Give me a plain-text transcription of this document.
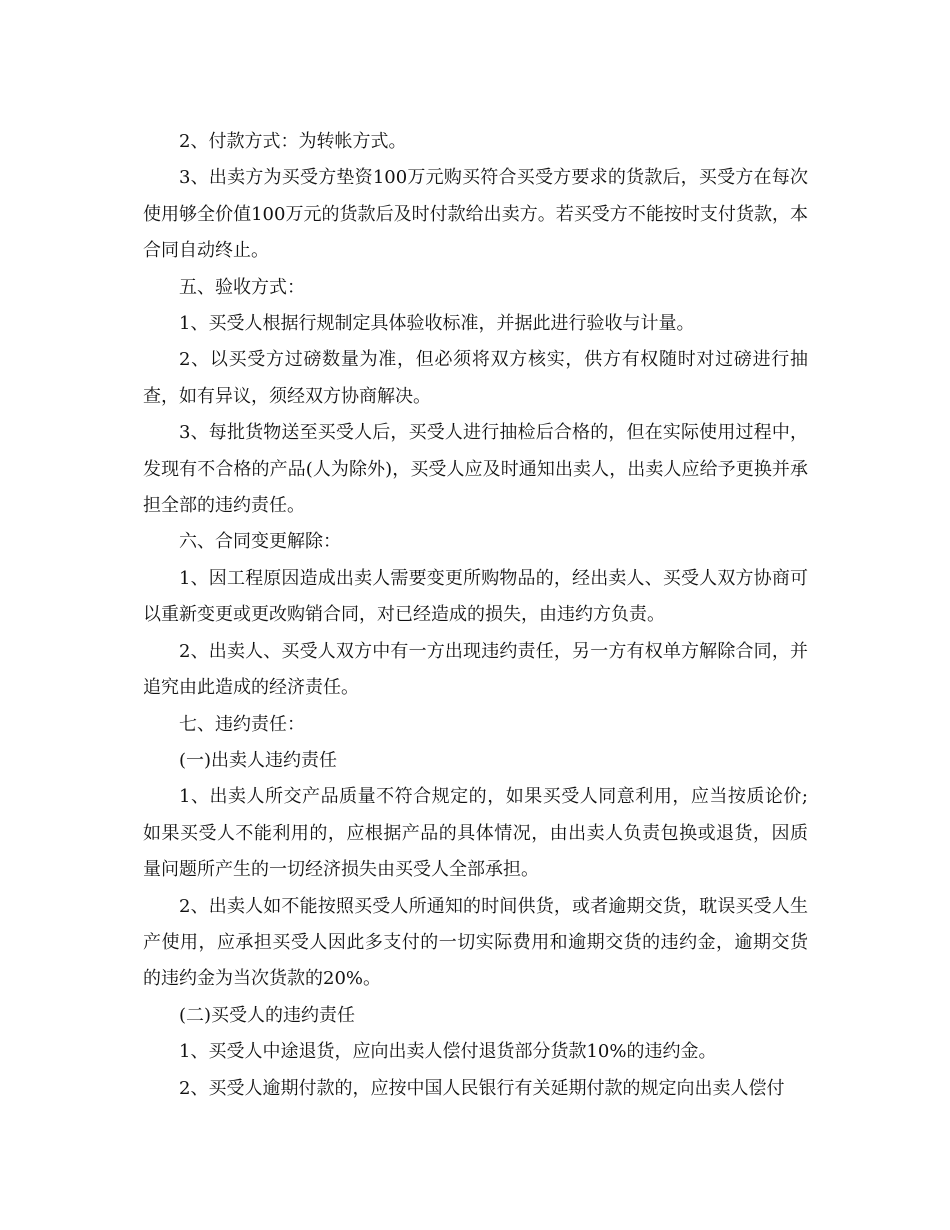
2、付款方式：为转帐方式。

3、出卖方为买受方垫资100万元购买符合买受方要求的货款后，买受方在每次使用够全价值100万元的货款后及时付款给出卖方。若买受方不能按时支付货款，本合同自动终止。

五、验收方式：

1、买受人根据行规制定具体验收标准，并据此进行验收与计量。

2、以买受方过磅数量为准，但必须将双方核实，供方有权随时对过磅进行抽查，如有异议，须经双方协商解决。

3、每批货物送至买受人后，买受人进行抽检后合格的，但在实际使用过程中，发现有不合格的产品(人为除外)，买受人应及时通知出卖人，出卖人应给予更换并承担全部的违约责任。

六、合同变更解除：

1、因工程原因造成出卖人需要变更所购物品的，经出卖人、买受人双方协商可以重新变更或更改购销合同，对已经造成的损失，由违约方负责。

2、出卖人、买受人双方中有一方出现违约责任，另一方有权单方解除合同，并追究由此造成的经济责任。

七、违约责任：

(一)出卖人违约责任

1、出卖人所交产品质量不符合规定的，如果买受人同意利用，应当按质论价;如果买受人不能利用的，应根据产品的具体情况，由出卖人负责包换或退货，因质量问题所产生的一切经济损失由买受人全部承担。

2、出卖人如不能按照买受人所通知的时间供货，或者逾期交货，耽误买受人生产使用，应承担买受人因此多支付的一切实际费用和逾期交货的违约金，逾期交货的违约金为当次货款的20%。

(二)买受人的违约责任

1、买受人中途退货，应向出卖人偿付退货部分货款10%的违约金。

2、买受人逾期付款的，应按中国人民银行有关延期付款的规定向出卖人偿付
